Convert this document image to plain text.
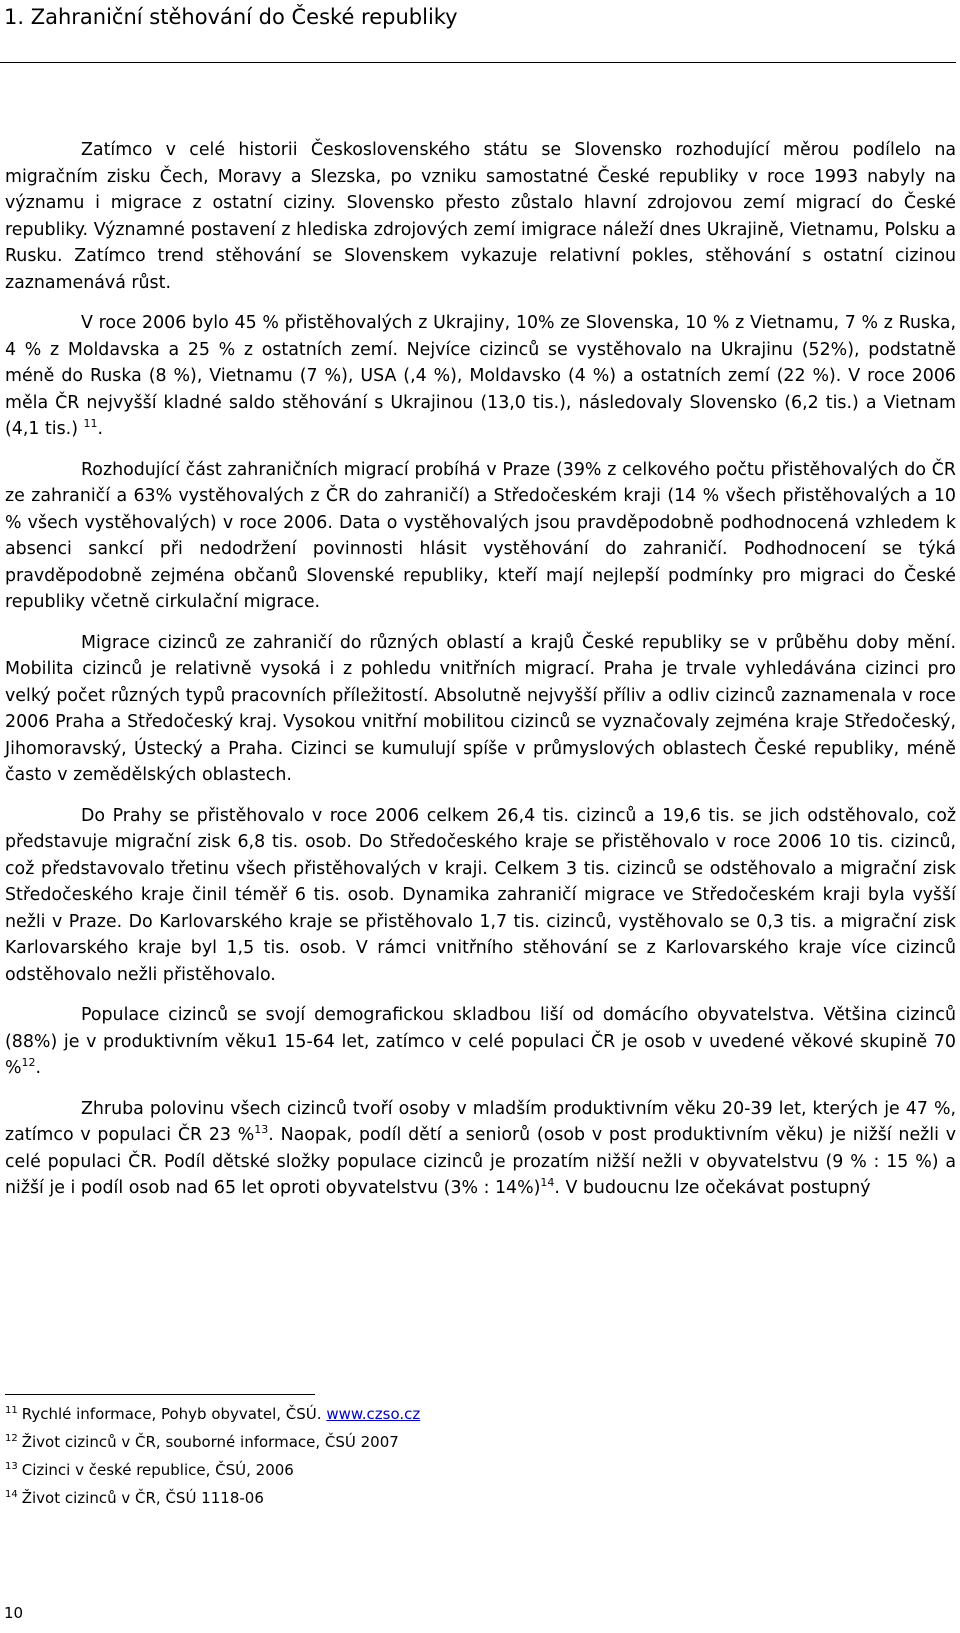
1. Zahraniční stěhování do České republiky

Zatímco v celé historii Československého státu se Slovensko rozhodující měrou podílelo na migračním zisku Čech, Moravy a Slezska, po vzniku samostatné České republiky v roce 1993 nabyly na významu i migrace z ostatní ciziny. Slovensko přesto zůstalo hlavní zdrojovou zemí migrací do České republiky. Významné postavení z hlediska zdrojových zemí imigrace náleží dnes Ukrajině, Vietnamu, Polsku a Rusku. Zatímco trend stěhování se Slovenskem vykazuje relativní pokles, stěhování s ostatní cizinou zaznamenává růst.

V roce 2006 bylo 45 % přistěhovalých z Ukrajiny, 10% ze Slovenska, 10 % z Vietnamu, 7 % z Ruska, 4 % z Moldavska a 25 % z ostatních zemí. Nejvíce cizinců se vystěhovalo na Ukrajinu (52%), podstatně méně do Ruska (8 %), Vietnamu (7 %), USA (,4 %), Moldavsko (4 %) a ostatních zemí (22 %). V roce 2006 měla ČR nejvyšší kladné saldo stěhování s Ukrajinou (13,0 tis.), následovaly Slovensko (6,2 tis.) a Vietnam (4,1 tis.) $^{11}$.

Rozhodující část zahraničních migrací probíhá v Praze (39% z celkového počtu přistěhovalých do ČR ze zahraničí a 63% vystěhovalých z ČR do zahraničí) a Středočeském kraji (14 % všech přistěhovalých a 10 % všech vystěhovalých) v roce 2006. Data o vystěhovalých jsou pravděpodobně podhodnocená vzhledem k absenci sankcí při nedodržení povinnosti hlásit vystěhování do zahraničí. Podhodnocení se týká pravděpodobně zejména občanů Slovenské republiky, kteří mají nejlepší podmínky pro migraci do České republiky včetně cirkulační migrace.

Migrace cizinců ze zahraničí do různých oblastí a krajů České republiky se v průběhu doby mění. Mobilita cizinců je relativně vysoká i z pohledu vnitřních migrací. Praha je trvale vyhledávána cizinci pro velký počet různých typů pracovních příležitostí. Absolutně nejvyšší příliv a odliv cizinců zaznamenala v roce 2006 Praha a Středočeský kraj. Vysokou vnitřní mobilitou cizinců se vyznačovaly zejména kraje Středočeský, Jihomoravský, Ústecký a Praha. Cizinci se kumulují spíše v průmyslových oblastech České republiky, méně často v zemědělských oblastech.

Do Prahy se přistěhovalo v roce 2006 celkem 26,4 tis. cizinců a 19,6 tis. se jich odstěhovalo, což představuje migrační zisk 6,8 tis. osob. Do Středočeského kraje se přistěhovalo v roce 2006 10 tis. cizinců, což představovalo třetinu všech přistěhovalých v kraji. Celkem 3 tis. cizinců se odstěhovalo a migrační zisk Středočeského kraje činil téměř 6 tis. osob. Dynamika zahraničí migrace ve Středočeském kraji byla vyšší nežli v Praze. Do Karlovarského kraje se přistěhovalo 1,7 tis. cizinců, vystěhovalo se 0,3 tis. a migrační zisk Karlovarského kraje byl 1,5 tis. osob. V rámci vnitřního stěhování se z Karlovarského kraje více cizinců odstěhovalo nežli přistěhovalo.

Populace cizinců se svojí demografickou skladbou liší od domácího obyvatelstva. Většina cizinců (88%) je v produktivním věku1 15-64 let, zatímco v celé populaci ČR je osob v uvedené věkové skupině 70 %$^{12}$.

Zhruba polovinu všech cizinců tvoří osoby v mladším produktivním věku 20-39 let, kterých je 47 %, zatímco v populaci ČR 23 %$^{13}$. Naopak, podíl dětí a seniorů (osob v post produktivním věku) je nižší nežli v celé populaci ČR. Podíl dětské složky populace cizinců je prozatím nižší nežli v obyvatelstvu (9 % : 15 %) a nižší je i podíl osob nad 65 let oproti obyvatelstvu (3% : 14%)$^{14}$. V budoucnu lze očekávat postupný

$^{11}$ Rychlé informace, Pohyb obyvatel, ČSÚ. www.czso.cz
$^{12}$ Život cizinců v ČR, souborné informace, ČSÚ 2007
$^{13}$ Cizinci v české republice, ČSÚ, 2006
$^{14}$ Život cizinců v ČR, ČSÚ 1118-06
10
